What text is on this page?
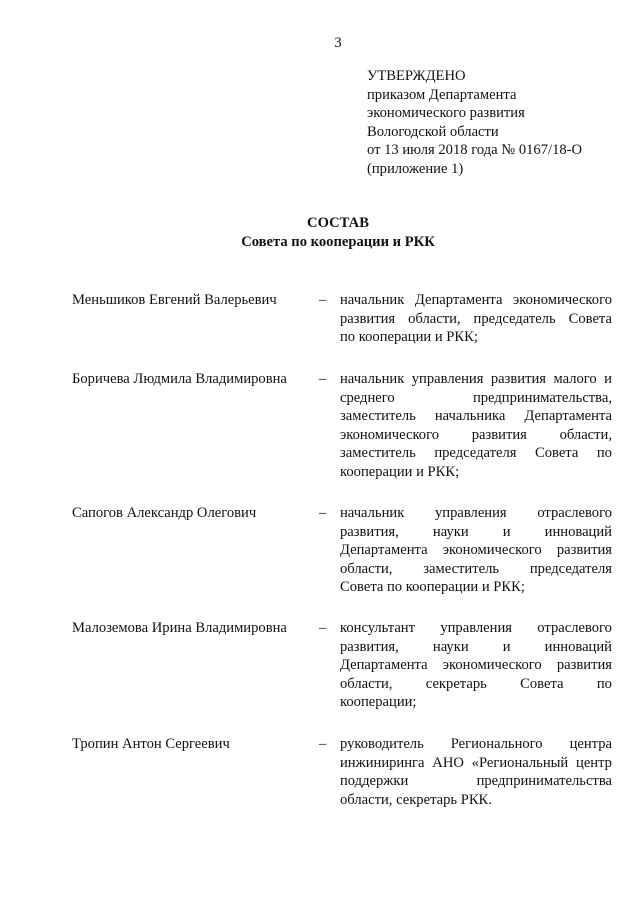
3
УТВЕРЖДЕНО
приказом Департамента
экономического развития
Вологодской области
от 13 июля 2018 года № 0167/18-О
(приложение 1)
СОСТАВ
Совета по кооперации и РКК
Меньшиков Евгений Валерьевич	– начальник Департамента экономического
развития области, председатель Совета
по кооперации и РКК;
Боричева Людмила Владимировна – начальник управления развития малого и
среднего	предпринимательства,
заместитель начальника Департамента
экономического развития области,
заместитель председателя Совета по
кооперации и РКК;
Сапогов Александр Олегович	– начальник управления отраслевого
развития, науки и инноваций
Департамента экономического развития
области, заместитель председателя
Совета по кооперации и РКК;
Малоземова Ирина Владимировна – консультант управления отраслевого
развития, науки и инноваций
Департамента экономического развития
области, секретарь Совета по
кооперации;
Тропин Антон Сергеевич	– руководитель Регионального центра
инжиниринга АНО «Региональный центр
поддержки	предпринимательства
области, секретарь РКК.
